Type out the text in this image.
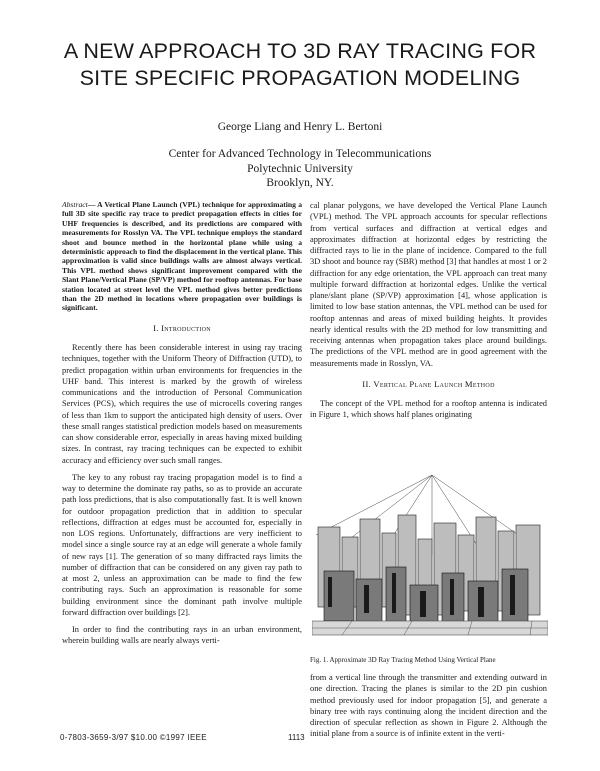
A NEW APPROACH TO 3D RAY TRACING FOR SITE SPECIFIC PROPAGATION MODELING
George Liang and Henry L. Bertoni
Center for Advanced Technology in Telecommunications
Polytechnic University
Brooklyn, NY.

Abstract— A Vertical Plane Launch (VPL) technique for approximating a full 3D site specific ray trace to predict propagation effects in cities for UHF frequencies is described, and its predictions are compared with measurements for Rosslyn VA. The VPL technique employs the standard shoot and bounce method in the horizontal plane while using a deterministic approach to find the displacement in the vertical plane. This approximation is valid since buildings walls are almost always vertical. This VPL method shows significant improvement compared with the Slant Plane/Vertical Plane (SP/VP) method for rooftop antennas. For base station located at street level the VPL method gives better predictions than the 2D method in locations where propagation over buildings is significant.

I. Introduction

Recently there has been considerable interest in using ray tracing techniques, together with the Uniform Theory of Diffraction (UTD), to predict propagation within urban environments for frequencies in the UHF band. This interest is marked by the growth of wireless communications and the introduction of Personal Communication Services (PCS), which requires the use of microcells covering ranges of less than 1km to support the anticipated high density of users. Over these small ranges statistical prediction models based on measurements can show considerable error, especially in areas having mixed building sizes. In contrast, ray tracing techniques can be expected to exhibit accuracy and efficiency over such small ranges.

The key to any robust ray tracing propagation model is to find a way to determine the dominate ray paths, so as to provide an accurate path loss predictions, that is also computationally fast. It is well known for outdoor propagation prediction that in addition to specular reflections, diffraction at edges must be accounted for, especially in non LOS regions. Unfortunately, diffractions are very inefficient to model since a single source ray at an edge will generate a whole family of new rays [1]. The generation of so many diffracted rays limits the number of diffraction that can be considered on any given ray path to at most 2, unless an approximation can be made to find the few contributing rays. Such an approximation is reasonable for some building environment since the dominant path involve multiple forward diffraction over buildings [2].

In order to find the contributing rays in an urban environment, wherein building walls are nearly always verti-

cal planar polygons, we have developed the Vertical Plane Launch (VPL) method. The VPL approach accounts for specular reflections from vertical surfaces and diffraction at vertical edges and approximates diffraction at horizontal edges by restricting the diffracted rays to lie in the plane of incidence. Compared to the full 3D shoot and bounce ray (SBR) method [3] that handles at most 1 or 2 diffraction for any edge orientation, the VPL approach can treat many multiple forward diffraction at horizontal edges. Unlike the vertical plane/slant plane (SP/VP) approximation [4], whose application is limited to low base station antennas, the VPL method can be used for rooftop antennas and areas of mixed building heights. It provides nearly identical results with the 2D method for low transmitting and receiving antennas when propagation takes place around buildings. The predictions of the VPL method are in good agreement with the measurements made in Rosslyn, VA.

II. Vertical Plane Launch Method

The concept of the VPL method for a rooftop antenna is indicated in Figure 1, which shows half planes originating

Fig. 1. Approximate 3D Ray Tracing Method Using Vertical Plane
from a vertical line through the transmitter and extending outward in one direction. Tracing the planes is similar to the 2D pin cushion method previously used for indoor propagation [5], and generate a binary tree with rays continuing along the incident direction and the direction of specular reflection as shown in Figure 2. Although the initial plane from a source is of infinite extent in the verti-
0-7803-3659-3/97 $10.00 ©1997 IEEE	1113
